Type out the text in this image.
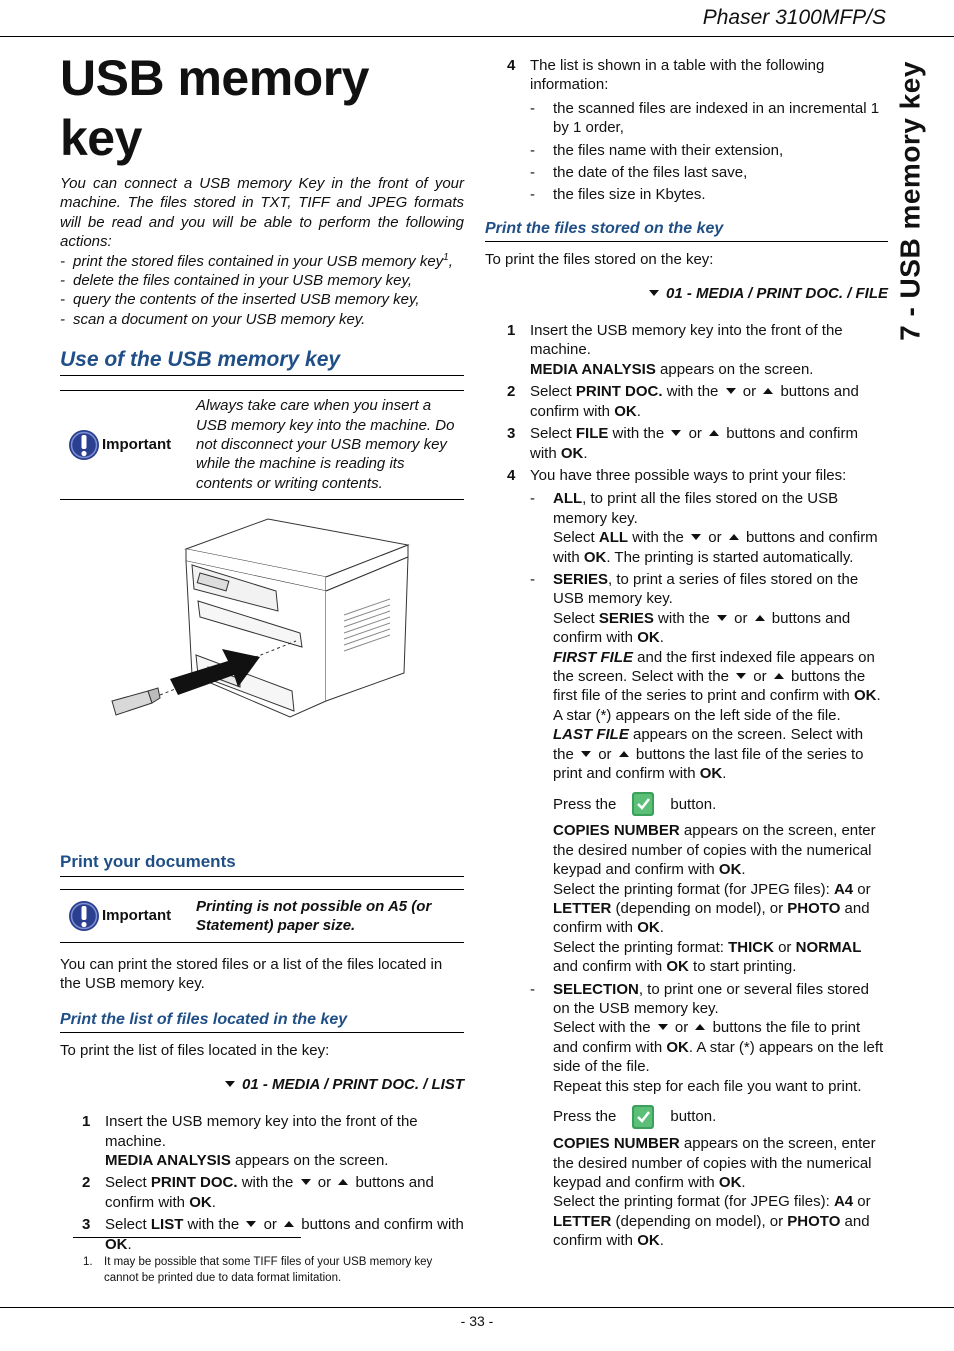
Phaser 3100MFP/S
7 - USB memory key
USB memory key

You can connect a USB memory Key in the front of your machine. The files stored in TXT, TIFF and JPEG formats will be read and you will be able to perform the following actions:

- print the stored files contained in your USB memory key$^1$,
- delete the files contained in your USB memory key,
- query the contents of the inserted USB memory key,
- scan a document on your USB memory key.
Use of the USB memory key
Important
Always take care when you insert a USB memory key into the machine. Do not disconnect your USB memory key while the machine is reading its contents or writing contents.
Print your documents
Important
Printing is not possible on A5 (or Statement) paper size.

You can print the stored files or a list of the files located in the USB memory key.

Print the list of files located in the key

To print the list of files located in the key:

01 - MEDIA / PRINT DOC. / LIST
1 Insert the USB memory key into the front of the machine.
MEDIA ANALYSIS appears on the screen.
2 Select PRINT DOC. with the or buttons and confirm with OK.
3 Select LIST with the or buttons and confirm with OK.
1. It may be possible that some TIFF files of your USB memory key cannot be printed due to data format limitation.
4 The list is shown in a table with the following information:
- the scanned files are indexed in an incremental 1 by 1 order,
- the files name with their extension,
- the date of the files last save,
- the files size in Kbytes.
Print the files stored on the key

To print the files stored on the key:

01 - MEDIA / PRINT DOC. / FILE
1 Insert the USB memory key into the front of the machine.
MEDIA ANALYSIS appears on the screen.
2 Select PRINT DOC. with the or buttons and confirm with OK.
3 Select FILE with the or buttons and confirm with OK.
4 You have three possible ways to print your files:
- ALL, to print all the files stored on the USB memory key.
Select ALL with the or buttons and confirm with OK. The printing is started automatically.
- SERIES, to print a series of files stored on the USB memory key.
Select SERIES with the or buttons and confirm with OK.
FIRST FILE and the first indexed file appears on the screen. Select with the or buttons the first file of the series to print and confirm with OK. A star (*) appears on the left side of the file.
LAST FILE appears on the screen. Select with the or buttons the last file of the series to print and confirm with OK.
Press the	button.
COPIES NUMBER appears on the screen, enter the desired number of copies with the numerical keypad and confirm with OK.
Select the printing format (for JPEG files): A4 or LETTER (depending on model), or PHOTO and confirm with OK.
Select the printing format: THICK or NORMAL and confirm with OK to start printing.
- SELECTION, to print one or several files stored on the USB memory key.
Select with the or buttons the file to print and confirm with OK. A star (*) appears on the left side of the file.
Repeat this step for each file you want to print.
Press the	button.
COPIES NUMBER appears on the screen, enter the desired number of copies with the numerical keypad and confirm with OK.
Select the printing format (for JPEG files): A4 or LETTER (depending on model), or PHOTO and confirm with OK.
- 33 -
